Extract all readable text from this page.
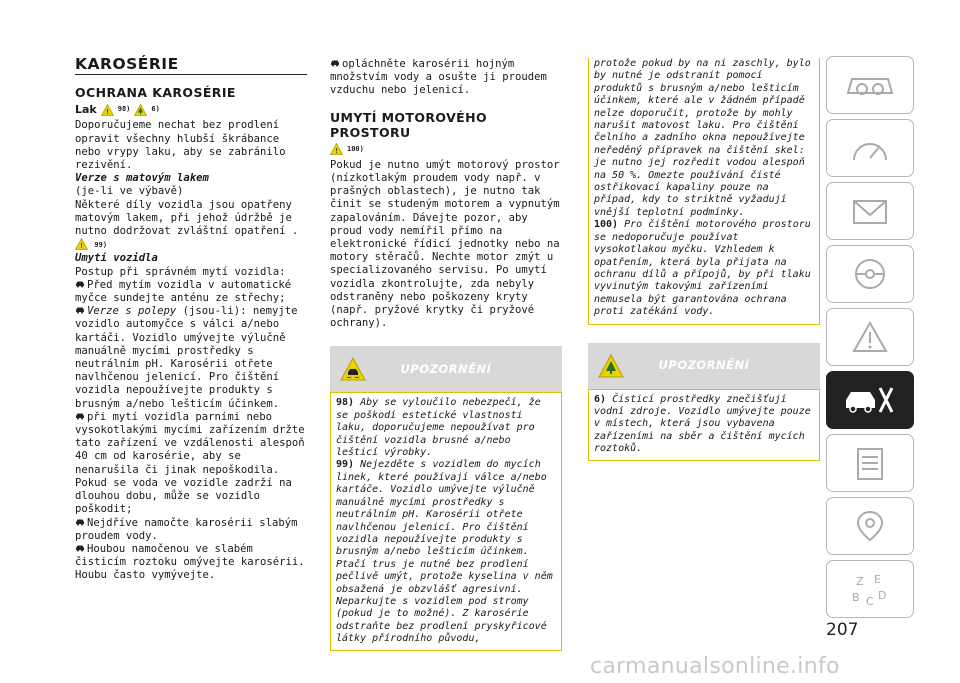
KAROSÉRIE
OCHRANA KAROSÉRIE
Lak ! 98)	6)

Doporučujeme nechat bez prodlení opravit všechny hlubší škrábance nebo vrypy laku, aby se zabránilo rezivění.

Verze s matovým lakem

(je-li ve výbavě)

Některé díly vozidla jsou opatřeny matovým lakem, při jehož údržbě je nutno dodržovat zvláštní opatření .
! 99)

Umytí vozidla

Postup při správném mytí vozidla:

Před mytím vozidla v automatické myčce sundejte anténu ze střechy;

Verze s polepy (jsou-li): nemyjte vozidlo automyčce s válci a/nebo kartáči. Vozidlo umývejte výlučně manuálně mycími prostředky s neutrálním pH. Karosérii otřete navlhčenou jelenicí. Pro čištění vozidla nepoužívejte produkty s brusným a/nebo lešticím účinkem.

při mytí vozidla parními nebo vysokotlakými mycími zařízením držte tato zařízení ve vzdálenosti alespoň 40 cm od karosérie, aby se nenarušila či jinak nepoškodila. Pokud se voda ve vozidle zadrží na dlouhou dobu, může se vozidlo poškodit;

Nejdříve namočte karosérii slabým proudem vody.

Houbou namočenou ve slabém čisticím roztoku omývejte karosérii. Houbu často vymývejte.

opláchněte karosérii hojným množstvím vody a osušte ji proudem vzduchu nebo jelenicí.

UMYTÍ MOTOROVÉHO PROSTORU
! 100)

Pokud je nutno umýt motorový prostor (nízkotlakým proudem vody např. v prašných oblastech), je nutno tak činit se studeným motorem a vypnutým zapalováním. Dávejte pozor, aby proud vody nemířil přímo na elektronické řídicí jednotky nebo na motory stěračů. Nechte motor zmýt u specializovaného servisu. Po umytí vozidla zkontrolujte, zda nebyly odstraněny nebo poškozeny kryty (např. pryžové krytky či pryžové ochrany).

UPOZORNĚNÍ

98) Aby se vyloučilo nebezpečí, že se poškodí estetické vlastnosti laku, doporučujeme nepoužívat pro čištění vozidla brusné a/nebo lešticí výrobky.

99) Nejezděte s vozidlem do mycích linek, které používají válce a/nebo kartáče. Vozidlo umývejte výlučně manuálně mycími prostředky s neutrálním pH. Karosérii otřete navlhčenou jelenicí. Pro čištění vozidla nepoužívejte produkty s brusným a/nebo lešticím účinkem. Ptačí trus je nutné bez prodlení pečlivě umýt, protože kyselina v něm obsažená je obzvlášť agresivní. Neparkujte s vozidlem pod stromy (pokud je to možné). Z karosérie odstraňte bez prodlení pryskyřicové látky přírodního původu,

protože pokud by na ni zaschly, bylo by nutné je odstranit pomocí produktů s brusným a/nebo lešticím účinkem, které ale v žádném případě nelze doporučit, protože by mohly narušit matovost laku. Pro čištění čelního a zadního okna nepoužívejte neředěný přípravek na čištění skel: je nutno jej rozředit vodou alespoň na 50 %. Omezte používání čisté ostřikovací kapaliny pouze na případ, kdy to striktně vyžadují vnější teplotní podmínky.

100) Pro čištění motorového prostoru se nedoporučuje používat vysokotlakou myčku. Vzhledem k opatřením, která byla přijata na ochranu dílů a přípojů, by při tlaku vyvinutým takovými zařízeními nemusela být garantována ochrana proti zatékání vody.

UPOZORNĚNÍ

6) Čisticí prostředky znečišťují vodní zdroje. Vozidlo umývejte pouze v místech, která jsou vybavena zařízeními na sběr a čištění mycích roztoků.

Z E
B C D
207
carmanualsonline.info
